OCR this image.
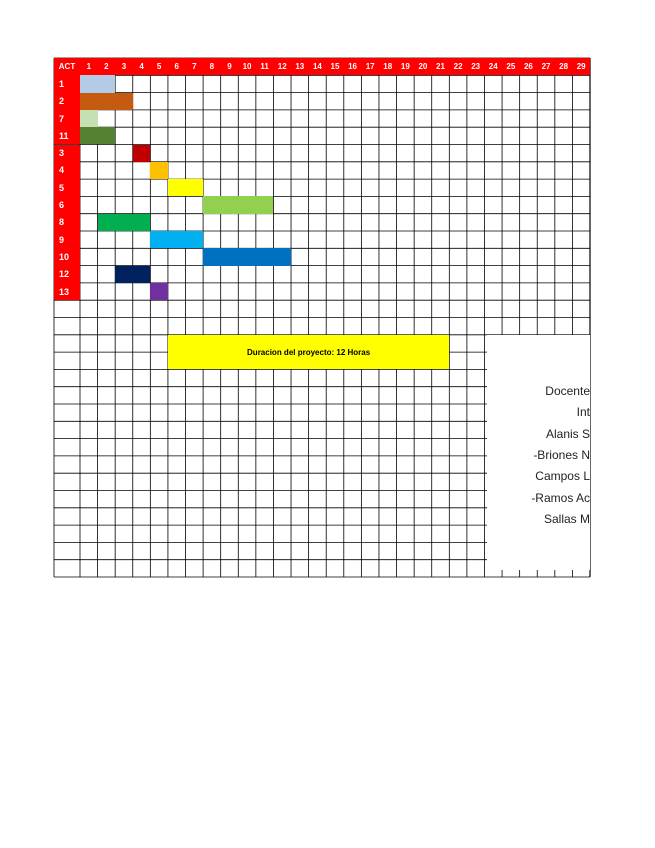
ACT	1	2	3	4	5	6	7	8	9	10	11	12	13	14	15	16	17	18	19	20	21	22	23	24	25	26	27	28	29
1
2
7
11
3
4
5
6
8
9
10
12
13
Duracion del proyecto: 12 Horas
Docente
Int
Alanis S
-Briones N
Campos L
-Ramos Ac
Sallas M
